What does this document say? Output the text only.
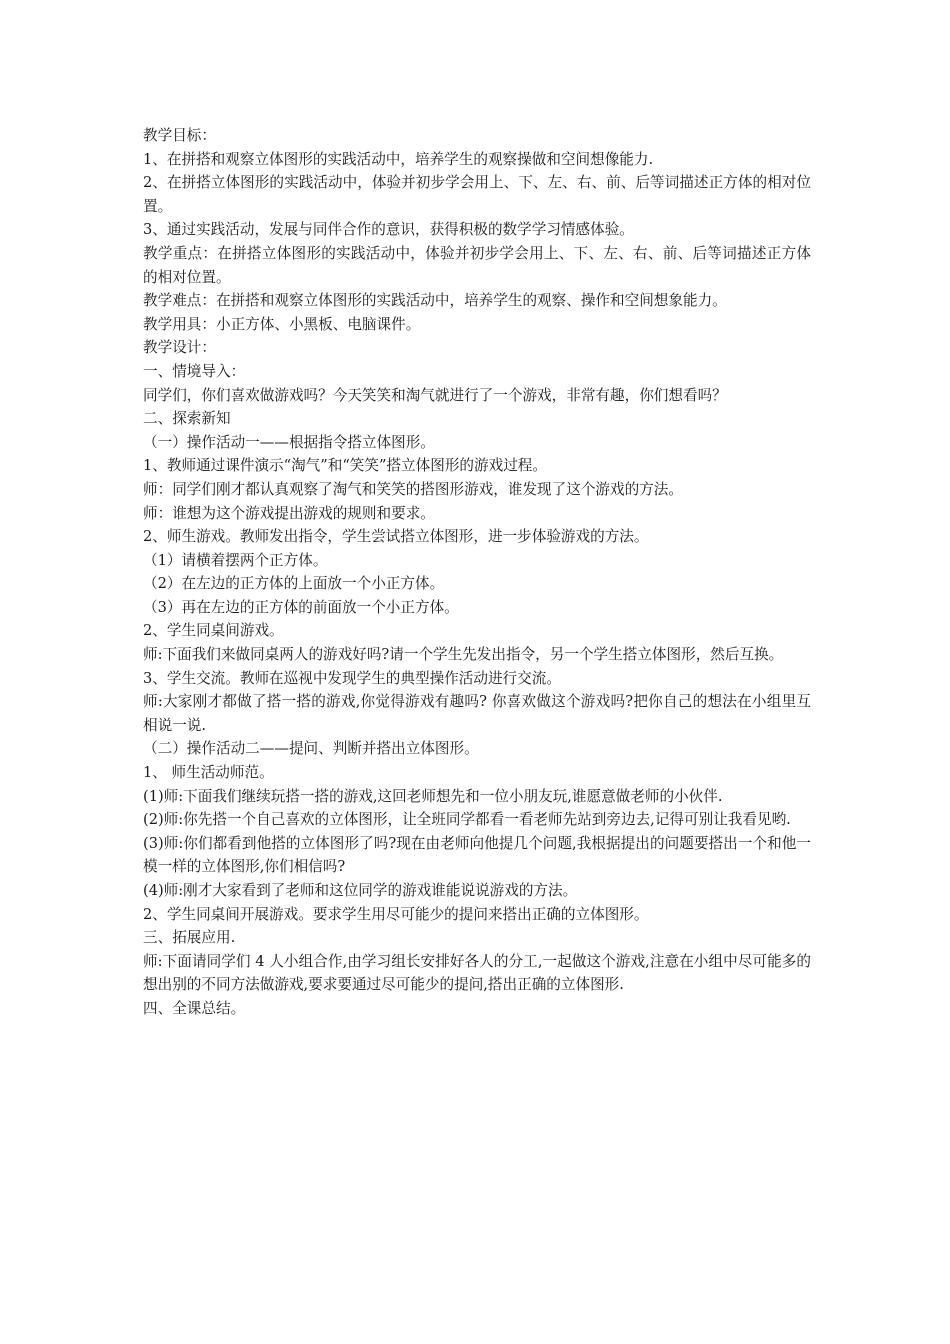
教学目标：

1、在拼搭和观察立体图形的实践活动中，培养学生的观察操做和空间想像能力.

2、在拼搭立体图形的实践活动中，体验并初步学会用上、下、左、右、前、后等词描述正方体的相对位置。

3、通过实践活动，发展与同伴合作的意识，获得积极的数学学习情感体验。

教学重点：在拼搭立体图形的实践活动中，体验并初步学会用上、下、左、右、前、后等词描述正方体的相对位置。

教学难点：在拼搭和观察立体图形的实践活动中，培养学生的观察、操作和空间想象能力。

教学用具：小正方体、小黑板、电脑课件。

教学设计：

一、情境导入：

同学们，你们喜欢做游戏吗？今天笑笑和淘气就进行了一个游戏，非常有趣，你们想看吗？

二、探索新知

（一）操作活动一——根据指令搭立体图形。

1、教师通过课件演示“淘气”和“笑笑”搭立体图形的游戏过程。

师：同学们刚才都认真观察了淘气和笑笑的搭图形游戏，谁发现了这个游戏的方法。

师：谁想为这个游戏提出游戏的规则和要求。

2、师生游戏。教师发出指令，学生尝试搭立体图形，进一步体验游戏的方法。

（1）请横着摆两个正方体。

（2）在左边的正方体的上面放一个小正方体。

（3）再在左边的正方体的前面放一个小正方体。

2、学生同桌间游戏。

师:下面我们来做同桌两人的游戏好吗?请一个学生先发出指令，另一个学生搭立体图形，然后互换。

3、学生交流。教师在巡视中发现学生的典型操作活动进行交流。

师:大家刚才都做了搭一搭的游戏,你觉得游戏有趣吗? 你喜欢做这个游戏吗?把你自己的想法在小组里互相说一说.

（二）操作活动二——提问、判断并搭出立体图形。

1、 师生活动师范。

(1)师:下面我们继续玩搭一搭的游戏,这回老师想先和一位小朋友玩,谁愿意做老师的小伙伴.

(2)师:你先搭一个自己喜欢的立体图形，让全班同学都看一看老师先站到旁边去,记得可别让我看见哟.

(3)师:你们都看到他搭的立体图形了吗?现在由老师向他提几个问题,我根据提出的问题要搭出一个和他一模一样的立体图形,你们相信吗?

(4)师:刚才大家看到了老师和这位同学的游戏谁能说说游戏的方法。

2、学生同桌间开展游戏。要求学生用尽可能少的提问来搭出正确的立体图形。

三、拓展应用.

师:下面请同学们 4 人小组合作,由学习组长安排好各人的分工,一起做这个游戏,注意在小组中尽可能多的想出别的不同方法做游戏,要求要通过尽可能少的提问,搭出正确的立体图形.

四、全课总结。
